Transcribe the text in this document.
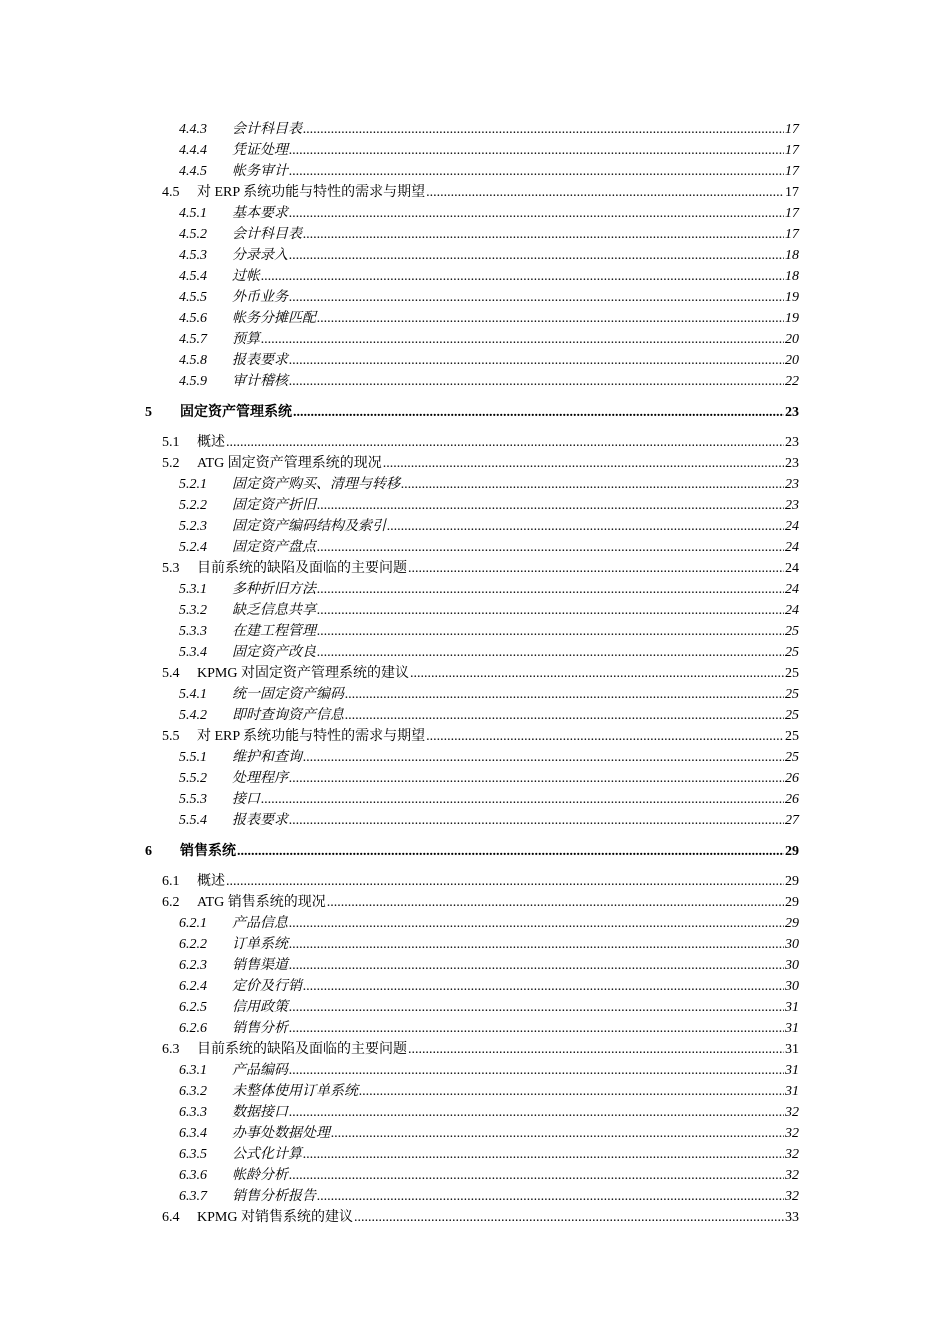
4.4.3	会计科目表 .....	17
4.4.4	凭证处理 .....	17
4.4.5	帐务审计 .....	17
4.5	对 ERP 系统功能与特性的需求与期望 .....	17
4.5.1	基本要求 .....	17
4.5.2	会计科目表 .....	17
4.5.3	分录录入 .....	18
4.5.4	过帐 .....	18
4.5.5	外币业务 .....	19
4.5.6	帐务分摊匹配 .....	19
4.5.7	预算 .....	20
4.5.8	报表要求 .....	20
4.5.9	审计稽核 .....	22
5	固定资产管理系统 .....	23
5.1	概述 .....	23
5.2	ATG 固定资产管理系统的现况 .....	23
5.2.1	固定资产购买、清理与转移 .....	23
5.2.2	固定资产折旧 .....	23
5.2.3	固定资产编码结构及索引 .....	24
5.2.4	固定资产盘点 .....	24
5.3	目前系统的缺陷及面临的主要问题 .....	24
5.3.1	多种折旧方法 .....	24
5.3.2	缺乏信息共享 .....	24
5.3.3	在建工程管理 .....	25
5.3.4	固定资产改良 .....	25
5.4	KPMG 对固定资产管理系统的建议 .....	25
5.4.1	统一固定资产编码 .....	25
5.4.2	即时查询资产信息 .....	25
5.5	对 ERP 系统功能与特性的需求与期望 .....	25
5.5.1	维护和查询 .....	25
5.5.2	处理程序 .....	26
5.5.3	接口 .....	26
5.5.4	报表要求 .....	27
6	销售系统 .....	29
6.1	概述 .....	29
6.2	ATG 销售系统的现况 .....	29
6.2.1	产品信息 .....	29
6.2.2	订单系统 .....	30
6.2.3	销售渠道 .....	30
6.2.4	定价及行销 .....	30
6.2.5	信用政策 .....	31
6.2.6	销售分析 .....	31
6.3	目前系统的缺陷及面临的主要问题 .....	31
6.3.1	产品编码 .....	31
6.3.2	未整体使用订单系统 .....	31
6.3.3	数据接口 .....	32
6.3.4	办事处数据处理 .....	32
6.3.5	公式化计算 .....	32
6.3.6	帐龄分析 .....	32
6.3.7	销售分析报告 .....	32
6.4	KPMG 对销售系统的建议 .....	33
